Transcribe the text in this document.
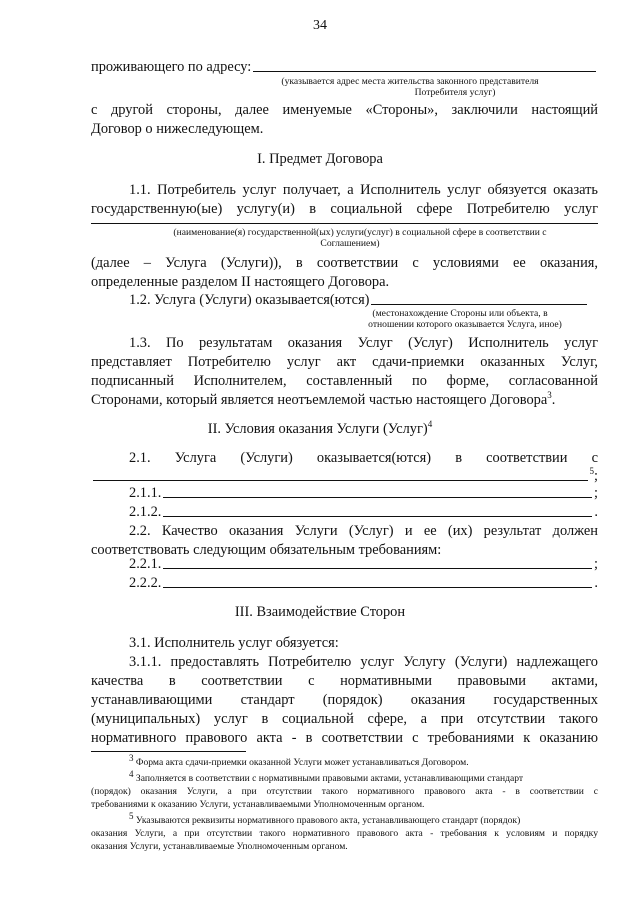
34
проживающего по адресу:
(указывается адрес места жительства законного представителя
Потребителя услуг)
с другой стороны, далее именуемые «Стороны», заключили настоящий
Договор о нижеследующем.
I. Предмет Договора
1.1. Потребитель услуг получает, а Исполнитель услуг обязуется оказать
государственную(ые) услугу(и) в социальной сфере Потребителю услуг
(наименование(я) государственной(ых) услуги(услуг) в социальной сфере в соответствии с
Соглашением)
(далее – Услуга (Услуги)), в соответствии с условиями ее оказания,
определенные разделом II настоящего Договора.
1.2. Услуга (Услуги) оказывается(ются)
(местонахождение Стороны или объекта, в
отношении которого оказывается Услуга, иное)
1.3. По результатам оказания Услуг (Услуг) Исполнитель услуг
представляет Потребителю услуг акт сдачи-приемки оказанных Услуг,
подписанный Исполнителем, составленный по форме, согласованной
Сторонами, который является неотъемлемой частью настоящего Договора$^3$.
II. Условия оказания Услуги (Услуг)$^4$
2.1. Услуга (Услуги) оказывается(ются) в соответствии с
$^5$;
2.1.1.	;
2.1.2.	.
2.2. Качество оказания Услуги (Услуг) и ее (их) результат должен
соответствовать следующим обязательным требованиям:
2.2.1.	;
2.2.2.	.
III. Взаимодействие Сторон
3.1. Исполнитель услуг обязуется:
3.1.1. предоставлять Потребителю услуг Услугу (Услуги) надлежащего
качества в соответствии с нормативными правовыми актами,
устанавливающими стандарт (порядок) оказания государственных
(муниципальных) услуг в социальной сфере, а при отсутствии такого
нормативного правового акта - в соответствии с требованиями к оказанию
$^3$ Форма акта сдачи-приемки оказанной Услуги может устанавливаться Договором.
$^4$ Заполняется в соответствии с нормативными правовыми актами, устанавливающими стандарт
(порядок) оказания Услуги, а при отсутствии такого нормативного правового акта - в соответствии с
требованиями к оказанию Услуги, устанавливаемыми Уполномоченным органом.
$^5$ Указываются реквизиты нормативного правового акта, устанавливающего стандарт (порядок)
оказания Услуги, а при отсутствии такого нормативного правового акта - требования к условиям и порядку
оказания Услуги, устанавливаемые Уполномоченным органом.
